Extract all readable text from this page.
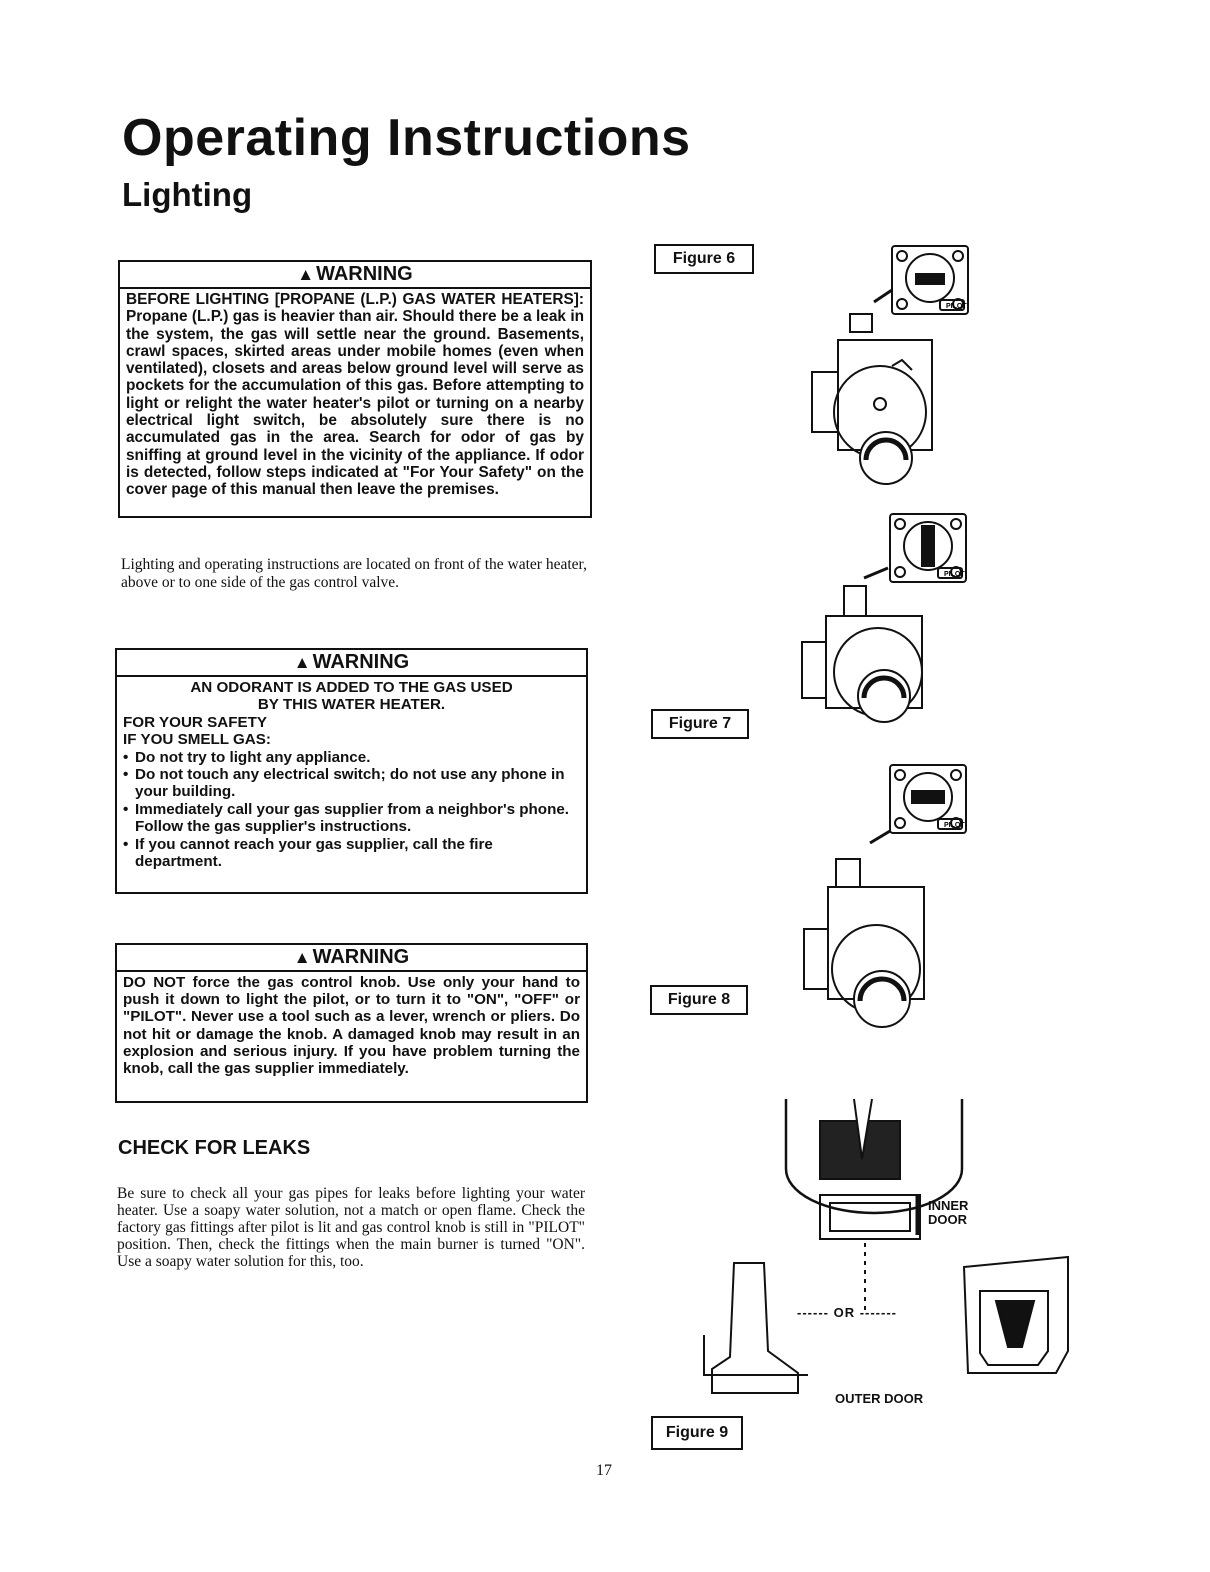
Operating Instructions
Lighting
▲ WARNING
BEFORE LIGHTING [PROPANE (L.P.) GAS WATER HEATERS]: Propane (L.P.) gas is heavier than air. Should there be a leak in the system, the gas will settle near the ground. Basements, crawl spaces, skirted areas under mobile homes (even when ventilated), closets and areas below ground level will serve as pockets for the accumulation of this gas. Before attempting to light or relight the water heater's pilot or turning on a nearby electrical light switch, be absolutely sure there is no accumulated gas in the area. Search for odor of gas by sniffing at ground level in the vicinity of the appliance. If odor is detected, follow steps indicated at "For Your Safety" on the cover page of this manual then leave the premises.
Lighting and operating instructions are located on front of the water heater, above or to one side of the gas control valve.
▲ WARNING
AN ODORANT IS ADDED TO THE GAS USED
BY THIS WATER HEATER.
FOR YOUR SAFETY
IF YOU SMELL GAS:
• Do not try to light any appliance.
• Do not touch any electrical switch; do not use any phone in your building.
• Immediately call your gas supplier from a neighbor's phone. Follow the gas supplier's instructions.
• If you cannot reach your gas supplier, call the fire department.
▲ WARNING
DO NOT force the gas control knob. Use only your hand to push it down to light the pilot, or to turn it to "ON", "OFF" or "PILOT". Never use a tool such as a lever, wrench or pliers. Do not hit or damage the knob. A damaged knob may result in an explosion and serious injury. If you have problem turning the knob, call the gas supplier immediately.
CHECK FOR LEAKS
Be sure to check all your gas pipes for leaks before lighting your water heater. Use a soapy water solution, not a match or open flame. Check the factory gas fittings after pilot is lit and gas control knob is still in "PILOT" position. Then, check the fittings when the main burner is turned "ON". Use a soapy water solution for this, too.
Figure 6
Figure 7
Figure 8
Figure 9
PILOT
PILOT
PILOT
INNER DOOR
OUTER DOOR
------ OR -------
17
